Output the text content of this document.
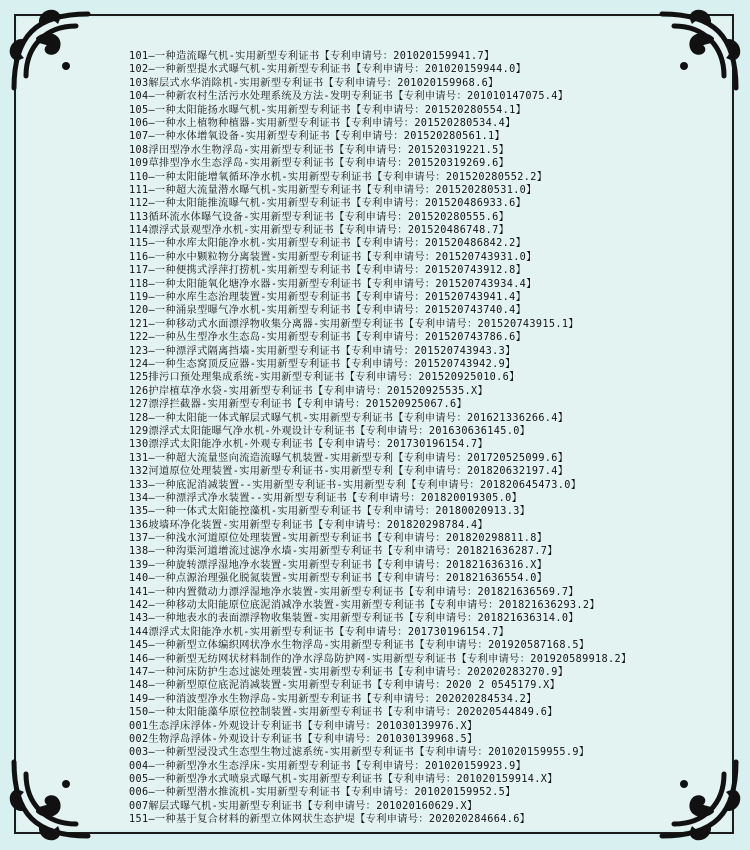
101—一种造流曝气机-实用新型专利证书【专利申请号：201020159941.7】
102—一种新型提水式曝气机-实用新型专利证书【专利申请号：201020159944.0】
103解层式水华消除机-实用新型专利证书【专利申请号：201020159968.6】
104—一种新农村生活污水处理系统及方法-发明专利证书【专利申请号：201010147075.4】
105—一种太阳能扬水曝气机-实用新型专利证书【专利申请号：201520280554.1】
106—一种水上植物种植器-实用新型专利证书【专利申请号：201520280534.4】
107—一种水体增氧设备-实用新型专利证书【专利申请号：201520280561.1】
108浮田型净水生物浮岛-实用新型专利证书【专利申请号：201520319221.5】
109草排型净水生态浮岛-实用新型专利证书【专利申请号：201520319269.6】
110—一种太阳能增氧循环净水机-实用新型专利证书【专利申请号：201520280552.2】
111—一种超大流量潜水曝气机-实用新型专利证书【专利申请号：201520280531.0】
112—一种太阳能推流曝气机-实用新型专利证书【专利申请号：201520486933.6】
113循环流水体曝气设备-实用新型专利证书【专利申请号：201520280555.6】
114漂浮式景观型净水机-实用新型专利证书【专利申请号：201520486748.7】
115—一种水库太阳能净水机-实用新型专利证书【专利申请号：201520486842.2】
116—一种水中颗粒物分离装置-实用新型专利证书【专利申请号：201520743931.0】
117—一种便携式浮萍打捞机-实用新型专利证书【专利申请号：201520743912.8】
118—一种太阳能氧化塘净水器-实用新型专利证书【专利申请号：201520743934.4】
119—一种水库生态治理装置-实用新型专利证书【专利申请号：201520743941.4】
120—一种涌泉型曝气净水机-实用新型专利证书【专利申请号：201520743740.4】
121—一种移动式水面漂浮物收集分离器-实用新型专利证书【专利申请号：201520743915.1】
122—一种丛生型净水生态岛-实用新型专利证书【专利申请号：201520743786.6】
123—一种漂浮式隔离挡墙-实用新型专利证书【专利申请号：201520743943.3】
124—一种生态窝顶反应器-实用新型专利证书【专利申请号：201520743942.9】
125排污口预处理集成系统-实用新型专利证书【专利申请号：201520925010.6】
126护岸植草净水袋-实用新型专利证书【专利申请号：201520925535.X】
127漂浮拦截器-实用新型专利证书【专利申请号：201520925067.6】
128—一种太阳能一体式解层式曝气机-实用新型专利证书【专利申请号：201621336266.4】
129漂浮式太阳能曝气净水机-外观设计专利证书【专利申请号：201630636145.0】
130漂浮式太阳能净水机-外观专利证书【专利申请号：201730196154.7】
131—一种超大流量竖向流造流曝气机装置-实用新型专利【专利申请号：201720525099.6】
132河道原位处理装置-实用新型专利证书-实用新型专利【专利申请号：201820632197.4】
133—一种底泥消减装置--实用新型专利证书-实用新型专利【专利申请号：201820645473.0】
134—一种漂浮式净水装置--实用新型专利证书【专利申请号：201820019305.0】
135—一种一体式太阳能控藻机-实用新型专利证书【专利申请号：20180020913.3】
136坡墙环净化装置-实用新型专利证书【专利申请号：201820298784.4】
137—一种浅水河道原位处理装置-实用新型专利证书【专利申请号：201820298811.8】
138—一种沟渠河道增流过滤净水墙-实用新型专利证书【专利申请号：201821636287.7】
139—一种旋转漂浮湿地净水装置-实用新型专利证书【专利申请号：201821636316.X】
140—一种点源治理强化脱氮装置-实用新型专利证书【专利申请号：201821636554.0】
141—一种内置微动力漂浮湿地净水装置-实用新型专利证书【专利申请号：201821636569.7】
142—一种移动太阳能原位底泥消减净水装置-实用新型专利证书【专利申请号：201821636293.2】
143—一种地表水的表面漂浮物收集装置-实用新型专利证书【专利申请号：201821636314.0】
144漂浮式太阳能净水机-实用新型专利证书【专利申请号：201730196154.7】
145—一种新型立体编织网状净水生物浮岛-实用新型专利证书【专利申请号：201920587168.5】
146—一种新型无纺网状材料制作的净水浮岛防护网-实用新型专利证书【专利申请号：201920589918.2】
147—一种河床防护生态过滤处理装置-实用新型专利证书【专利申请号：202020283270.9】
148—一种新型原位底泥消减装置-实用新型专利证书【专利申请号：2020 2 0545179.X】
149—一种消波型净水生物浮岛-实用新型专利证书【专利申请号：202020284534.2】
150—一种太阳能藻华原位控制装置-实用新型专利证书【专利申请号：202020544849.6】
001生态浮床浮体-外观设计专利证书【专利申请号：201030139976.X】
002生物浮岛浮体-外观设计专利证书【专利申请号：201030139968.5】
003—一种新型浸没式生态型生物过滤系统-实用新型专利证书【专利申请号：201020159955.9】
004—一种新型净水生态浮床-实用新型专利证书【专利申请号：201020159923.9】
005—一种新型净水式喷泉式曝气机-实用新型专利证书【专利申请号：201020159914.X】
006—一种新型潜水推流机-实用新型专利证书【专利申请号：201020159952.5】
007解层式曝气机-实用新型专利证书【专利申请号：201020160629.X】
151—一种基于复合材料的新型立体网状生态护堤【专利申请号：202020284664.6】
